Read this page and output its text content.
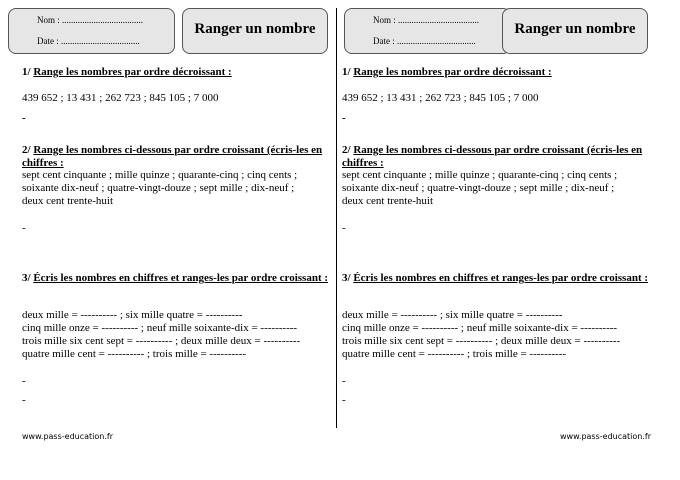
Nom : ....................................
Date : ...................................
Ranger un nombre
1/ Range les nombres par ordre décroissant :
439 652 ; 13 431 ; 262 723 ; 845 105 ; 7 000
-
2/ Range les nombres ci-dessous par ordre croissant (écris-les en chiffres :
sept cent cinquante ; mille quinze ; quarante-cinq ; cinq cents ;
soixante dix-neuf ; quatre-vingt-douze ; sept mille ; dix-neuf ;
deux cent trente-huit
-
3/ Écris les nombres en chiffres et ranges-les par ordre croissant :
deux mille = ---------- ; six mille quatre = ----------
cinq mille onze = ---------- ; neuf mille soixante-dix = ----------
trois mille six cent sept = ---------- ; deux mille deux = ----------
quatre mille cent = ---------- ; trois mille = ----------
-
-
www.pass-education.fr
Nom : ....................................
Date : ...................................
Ranger un nombre
1/ Range les nombres par ordre décroissant :
439 652 ; 13 431 ; 262 723 ; 845 105 ; 7 000
-
2/ Range les nombres ci-dessous par ordre croissant (écris-les en chiffres :
sept cent cinquante ; mille quinze ; quarante-cinq ; cinq cents ;
soixante dix-neuf ; quatre-vingt-douze ; sept mille ; dix-neuf ;
deux cent trente-huit
-
3/ Écris les nombres en chiffres et ranges-les par ordre croissant :
deux mille = ---------- ; six mille quatre = ----------
cinq mille onze = ---------- ; neuf mille soixante-dix = ----------
trois mille six cent sept = ---------- ; deux mille deux = ----------
quatre mille cent = ---------- ; trois mille = ----------
-
-
www.pass-education.fr
